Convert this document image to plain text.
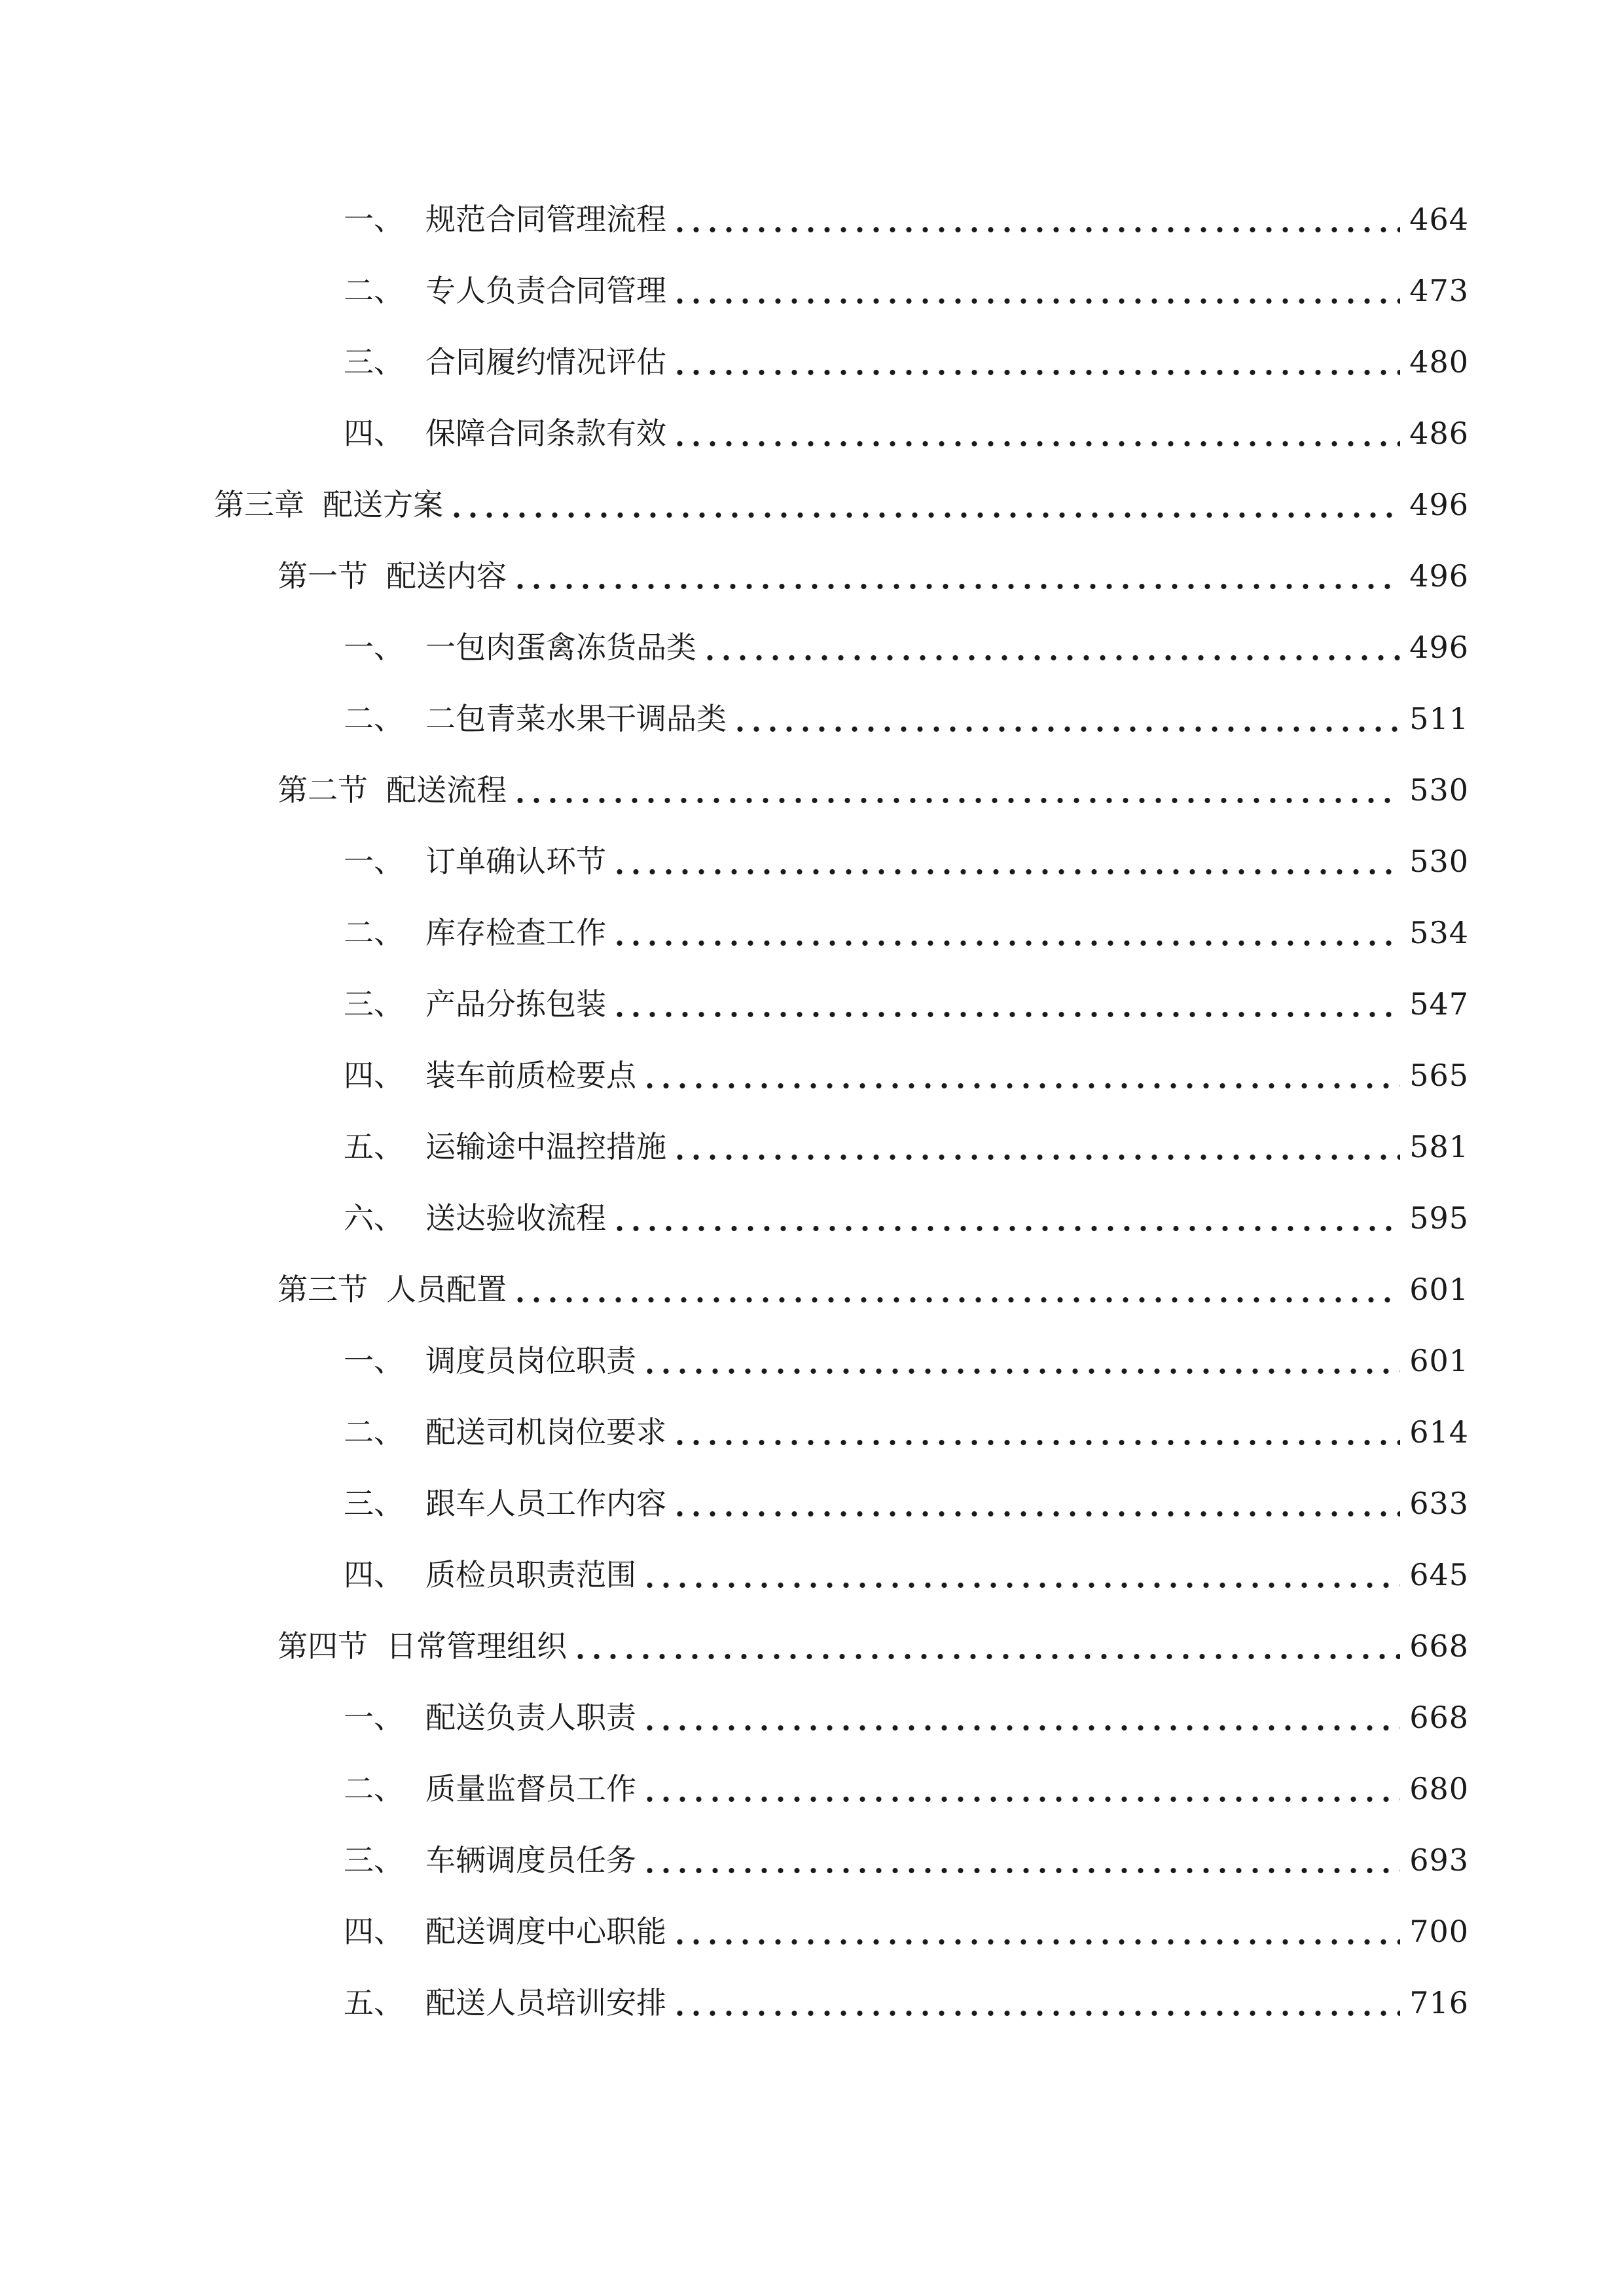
一、 规范合同管理流程	464
二、 专人负责合同管理	473
三、 合同履约情况评估	480
四、 保障合同条款有效	486
第三章 配送方案	496
第一节 配送内容	496
一、 一包肉蛋禽冻货品类	496
二、 二包青菜水果干调品类	511
第二节 配送流程	530
一、 订单确认环节	530
二、 库存检查工作	534
三、 产品分拣包装	547
四、 装车前质检要点	565
五、 运输途中温控措施	581
六、 送达验收流程	595
第三节 人员配置	601
一、 调度员岗位职责	601
二、 配送司机岗位要求	614
三、 跟车人员工作内容	633
四、 质检员职责范围	645
第四节 日常管理组织	668
一、 配送负责人职责	668
二、 质量监督员工作	680
三、 车辆调度员任务	693
四、 配送调度中心职能	700
五、 配送人员培训安排	716
